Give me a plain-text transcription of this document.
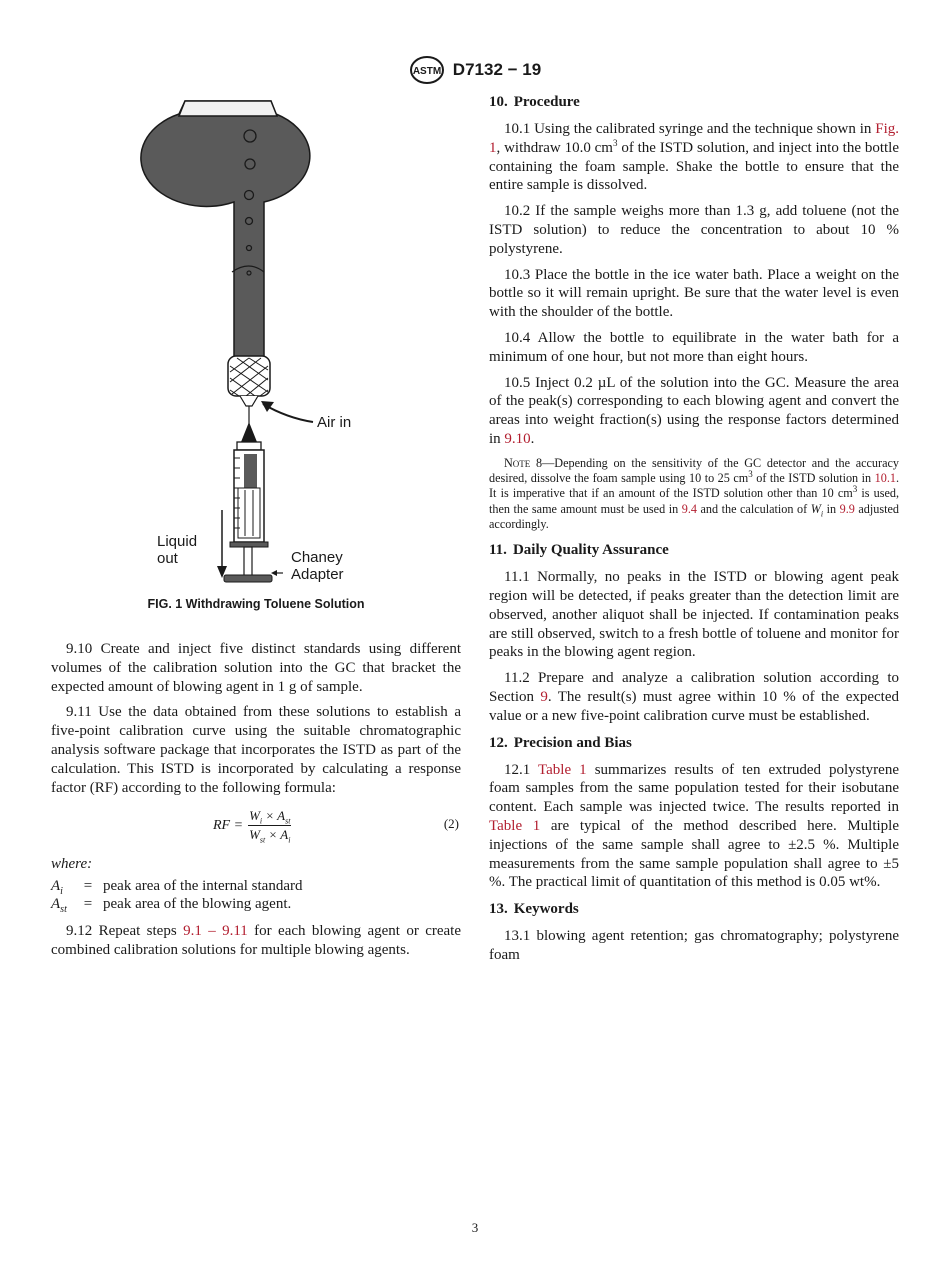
ASTM D7132 − 19
Air in
Liquid
out	Chaney
Adapter
FIG. 1 Withdrawing Toluene Solution

9.10 Create and inject five distinct standards using different volumes of the calibration solution into the GC that bracket the expected amount of blowing agent in 1 g of sample.

9.11 Use the data obtained from these solutions to establish a five-point calibration curve using the suitable chromatographic analysis software package that incorporates the ISTD as part of the calculation. This ISTD is incorporated by calculating a response factor (RF) according to the following formula:

RF = $\frac{W_i \times A_{st}}{W_{st} \times A_i}$	(2)

where:

$A_i$	= peak area of the internal standard
$A_{st}$	= peak area of the blowing agent.

9.12 Repeat steps 9.1 – 9.11 for each blowing agent or create combined calibration solutions for multiple blowing agents.

10. Procedure

10.1 Using the calibrated syringe and the technique shown in Fig. 1, withdraw 10.0 $cm^3$ of the ISTD solution, and inject into the bottle containing the foam sample. Shake the bottle to ensure that the entire sample is dissolved.

10.2 If the sample weighs more than 1.3 g, add toluene (not the ISTD solution) to reduce the concentration to about 10 % polystyrene.

10.3 Place the bottle in the ice water bath. Place a weight on the bottle so it will remain upright. Be sure that the water level is even with the shoulder of the bottle.

10.4 Allow the bottle to equilibrate in the water bath for a minimum of one hour, but not more than eight hours.

10.5 Inject 0.2 µL of the solution into the GC. Measure the area of the peak(s) corresponding to each blowing agent and convert the areas into weight fraction(s) using the response factors determined in 9.10.

Note 8—Depending on the sensitivity of the GC detector and the accuracy desired, dissolve the foam sample using 10 to 25 $cm^3$ of the ISTD solution in 10.1. It is imperative that if an amount of the ISTD solution other than 10 $cm^3$ is used, then the same amount must be used in 9.4 and the calculation of $W_i$ in 9.9 adjusted accordingly.

11. Daily Quality Assurance

11.1 Normally, no peaks in the ISTD or blowing agent peak region will be detected, if peaks greater than the detection limit are observed, another aliquot shall be injected. If contamination peaks are still observed, switch to a fresh bottle of toluene and monitor for peaks in the blowing agent region.

11.2 Prepare and analyze a calibration solution according to Section 9. The result(s) must agree within 10 % of the expected value or a new five-point calibration curve must be established.

12. Precision and Bias

12.1 Table 1 summarizes results of ten extruded polystyrene foam samples from the same population tested for their isobutane content. Each sample was injected twice. The results reported in Table 1 are typical of the method described here. Multiple injections of the same sample shall agree to ±2.5 %. Multiple measurements from the same sample population shall agree to ±5 %. The practical limit of quantitation of this method is 0.05 wt%.

13. Keywords

13.1 blowing agent retention; gas chromatography; polystyrene foam

3
